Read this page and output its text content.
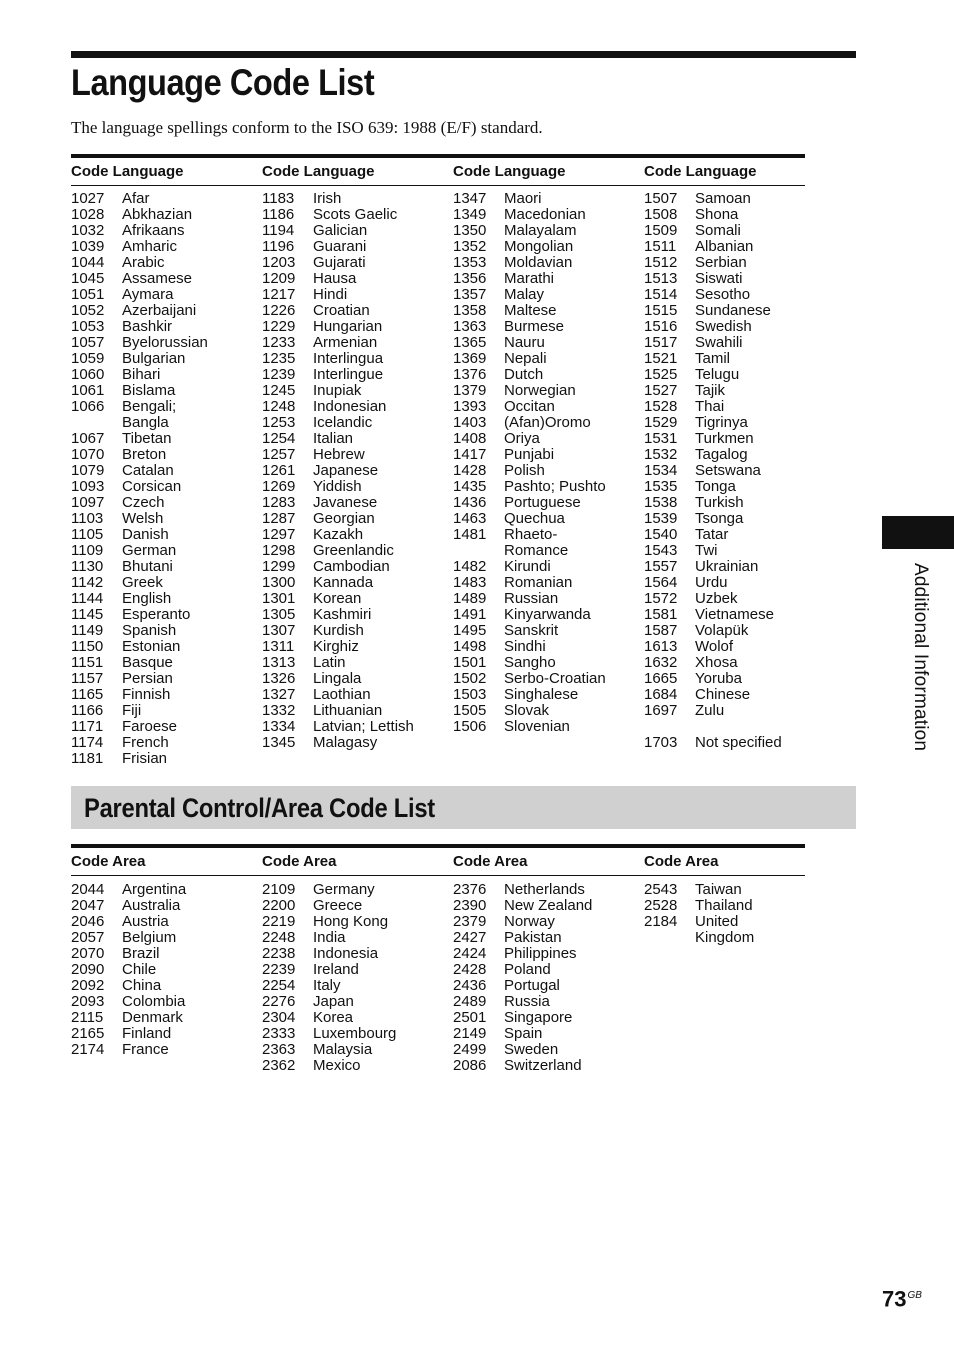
Language Code List
The language spellings conform to the ISO 639: 1988 (E/F) standard.
Code Language	Code Language	Code Language	Code Language
1027 Afar
1028 Abkhazian
1032 Afrikaans
1039 Amharic
1044 Arabic
1045 Assamese
1051 Aymara
1052 Azerbaijani
1053 Bashkir
1057 Byelorussian
1059 Bulgarian
1060 Bihari
1061 Bislama
1066 Bengali;
Bangla
1067 Tibetan
1070 Breton
1079 Catalan
1093 Corsican
1097 Czech
1103 Welsh
1105 Danish
1109 German
1130 Bhutani
1142 Greek
1144 English
1145 Esperanto
1149 Spanish
1150 Estonian
1151 Basque
1157 Persian
1165 Finnish
1166 Fiji
1171 Faroese
1174 French
1181 Frisian
1183 Irish
1186 Scots Gaelic
1194 Galician
1196 Guarani
1203 Gujarati
1209 Hausa
1217 Hindi
1226 Croatian
1229 Hungarian
1233 Armenian
1235 Interlingua
1239 Interlingue
1245 Inupiak
1248 Indonesian
1253 Icelandic
1254 Italian
1257 Hebrew
1261 Japanese
1269 Yiddish
1283 Javanese
1287 Georgian
1297 Kazakh
1298 Greenlandic
1299 Cambodian
1300 Kannada
1301 Korean
1305 Kashmiri
1307 Kurdish
1311 Kirghiz
1313 Latin
1326 Lingala
1327 Laothian
1332 Lithuanian
1334 Latvian; Lettish
1345 Malagasy
1347 Maori
1349 Macedonian
1350 Malayalam
1352 Mongolian
1353 Moldavian
1356 Marathi
1357 Malay
1358 Maltese
1363 Burmese
1365 Nauru
1369 Nepali
1376 Dutch
1379 Norwegian
1393 Occitan
1403 (Afan)Oromo
1408 Oriya
1417 Punjabi
1428 Polish
1435 Pashto; Pushto
1436 Portuguese
1463 Quechua
1481 Rhaeto-
Romance
1482 Kirundi
1483 Romanian
1489 Russian
1491 Kinyarwanda
1495 Sanskrit
1498 Sindhi
1501 Sangho
1502 Serbo-Croatian
1503 Singhalese
1505 Slovak
1506 Slovenian
1507 Samoan
1508 Shona
1509 Somali
1511 Albanian
1512 Serbian
1513 Siswati
1514 Sesotho
1515 Sundanese
1516 Swedish
1517 Swahili
1521 Tamil
1525 Telugu
1527 Tajik
1528 Thai
1529 Tigrinya
1531 Turkmen
1532 Tagalog
1534 Setswana
1535 Tonga
1538 Turkish
1539 Tsonga
1540 Tatar
1543 Twi
1557 Ukrainian
1564 Urdu
1572 Uzbek
1581 Vietnamese
1587 Volapük
1613 Wolof
1632 Xhosa
1665 Yoruba
1684 Chinese
1697 Zulu
1703 Not specified
Parental Control/Area Code List
Code Area	Code Area	Code Area	Code Area
2044 Argentina
2047 Australia
2046 Austria
2057 Belgium
2070 Brazil
2090 Chile
2092 China
2093 Colombia
2115 Denmark
2165 Finland
2174 France
2109 Germany
2200 Greece
2219 Hong Kong
2248 India
2238 Indonesia
2239 Ireland
2254 Italy
2276 Japan
2304 Korea
2333 Luxembourg
2363 Malaysia
2362 Mexico
2376 Netherlands
2390 New Zealand
2379 Norway
2427 Pakistan
2424 Philippines
2428 Poland
2436 Portugal
2489 Russia
2501 Singapore
2149 Spain
2499 Sweden
2086 Switzerland
2543 Taiwan
2528 Thailand
2184 United
Kingdom
Additional Information
$73^{GB}$
